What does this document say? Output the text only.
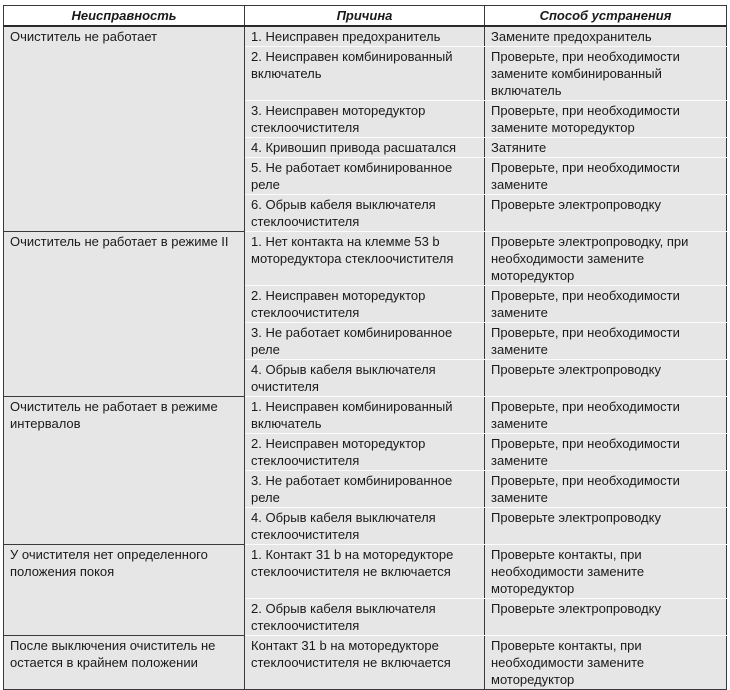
Неисправность	Причина	Способ устранения
Очиститель не работает	1. Неисправен предохранитель	Замените предохранитель
	2. Неисправен комбинированный включатель	Проверьте, при необходимости замените комбинированный включатель
	3. Неисправен моторедуктор стеклоочистителя	Проверьте, при необходимости замените моторедуктор
	4. Кривошип привода расшатался	Затяните
	5. Не работает комбинированное реле	Проверьте, при необходимости замените
	6. Обрыв кабеля выключателя стеклоочистителя	Проверьте электропроводку
Очиститель не работает в режиме II	1. Нет контакта на клемме 53 b моторедуктора стеклоочистителя	Проверьте электропроводку, при необходимости замените моторедуктор
	2. Неисправен моторедуктор стеклоочистителя	Проверьте, при необходимости замените
	3. Не работает комбинированное реле	Проверьте, при необходимости замените
	4. Обрыв кабеля выключателя очистителя	Проверьте электропроводку
Очиститель не работает в режиме интервалов	1. Неисправен комбинированный включатель	Проверьте, при необходимости замените
	2. Неисправен моторедуктор стеклоочистителя	Проверьте, при необходимости замените
	3. Не работает комбинированное реле	Проверьте, при необходимости замените
	4. Обрыв кабеля выключателя стеклоочистителя	Проверьте электропроводку
У очистителя нет определенного положения покоя	1. Контакт 31 b на моторедукторе стеклоочистителя не включается	Проверьте контакты, при необходимости замените моторедуктор
	2. Обрыв кабеля выключателя стеклоочистителя	Проверьте электропроводку
После выключения очиститель не остается в крайнем положении	Контакт 31 b на моторедукторе стеклоочистителя не включается	Проверьте контакты, при необходимости замените моторедуктор
